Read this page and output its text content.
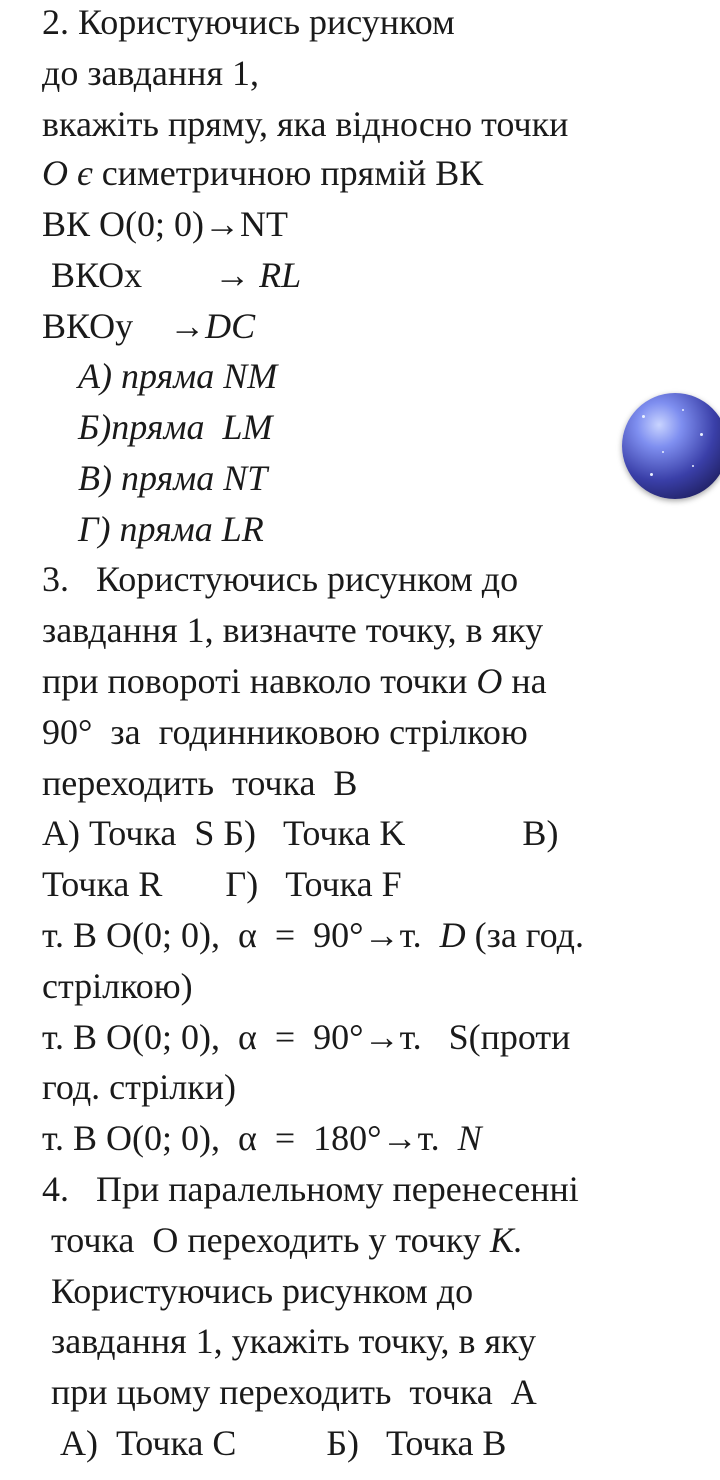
2. Користуючись рисунком
до завдання 1,
вкажіть пряму, яка відносно точки
O є симетричною прямій ВК
ВК О(0; 0)→NT
ВКОx        → RL
ВКОy    →DC
А) пряма NM
Б)пряма  LM
В) пряма NT
Г) пряма LR
3.   Користуючись рисунком до
завдання 1, визначте точку, в яку
при повороті навколо точки O на
90°  за  годинниковою стрілкою
переходить  точка  В
А) Точка  S Б)   Точка K             В)
Точка R       Г)   Точка F
т. В О(0; 0),  α  =  90°→т.  D (за год.
стрілкою)
т. В О(0; 0),  α  =  90°→т.   S(проти
год. стрілки)
т. В О(0; 0),  α  =  180°→т.  N
4.   При паралельному перенесенні
точка  О переходить у точку K.
Користуючись рисунком до
завдання 1, укажіть точку, в яку
при цьому переходить  точка  А
А)  Точка C          Б)   Точка B
